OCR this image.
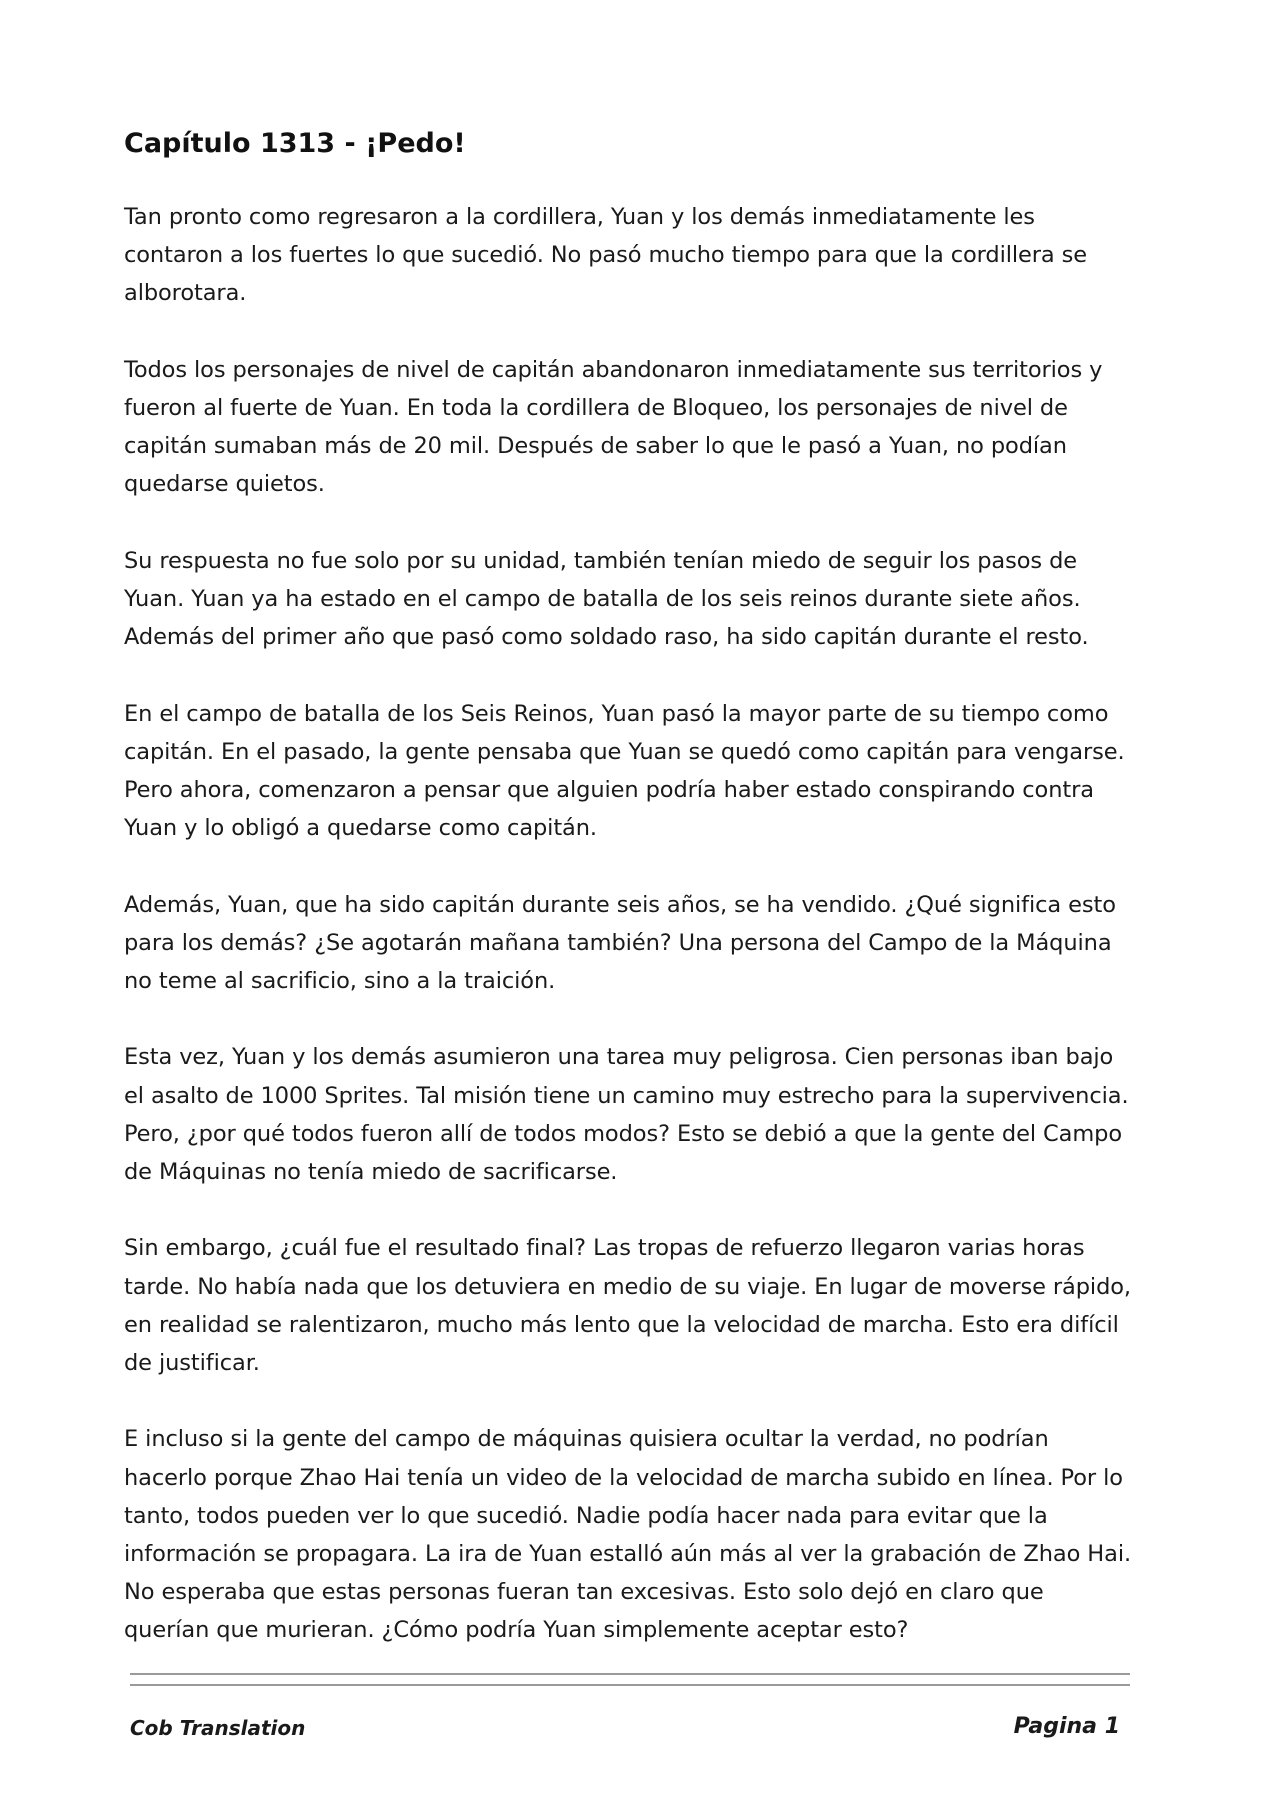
Capítulo 1313 - ¡Pedo!

Tan pronto como regresaron a la cordillera, Yuan y los demás inmediatamente les contaron a los fuertes lo que sucedió. No pasó mucho tiempo para que la cordillera se alborotara.

Todos los personajes de nivel de capitán abandonaron inmediatamente sus territorios y fueron al fuerte de Yuan. En toda la cordillera de Bloqueo, los personajes de nivel de capitán sumaban más de 20 mil. Después de saber lo que le pasó a Yuan, no podían quedarse quietos.

Su respuesta no fue solo por su unidad, también tenían miedo de seguir los pasos de Yuan. Yuan ya ha estado en el campo de batalla de los seis reinos durante siete años. Además del primer año que pasó como soldado raso, ha sido capitán durante el resto.

En el campo de batalla de los Seis Reinos, Yuan pasó la mayor parte de su tiempo como capitán. En el pasado, la gente pensaba que Yuan se quedó como capitán para vengarse. Pero ahora, comenzaron a pensar que alguien podría haber estado conspirando contra Yuan y lo obligó a quedarse como capitán.

Además, Yuan, que ha sido capitán durante seis años, se ha vendido. ¿Qué significa esto para los demás? ¿Se agotarán mañana también? Una persona del Campo de la Máquina no teme al sacrificio, sino a la traición.

Esta vez, Yuan y los demás asumieron una tarea muy peligrosa. Cien personas iban bajo el asalto de 1000 Sprites. Tal misión tiene un camino muy estrecho para la supervivencia. Pero, ¿por qué todos fueron allí de todos modos? Esto se debió a que la gente del Campo de Máquinas no tenía miedo de sacrificarse.

Sin embargo, ¿cuál fue el resultado final? Las tropas de refuerzo llegaron varias horas tarde. No había nada que los detuviera en medio de su viaje. En lugar de moverse rápido, en realidad se ralentizaron, mucho más lento que la velocidad de marcha. Esto era difícil de justificar.

E incluso si la gente del campo de máquinas quisiera ocultar la verdad, no podrían hacerlo porque Zhao Hai tenía un video de la velocidad de marcha subido en línea. Por lo tanto, todos pueden ver lo que sucedió. Nadie podía hacer nada para evitar que la información se propagara. La ira de Yuan estalló aún más al ver la grabación de Zhao Hai. No esperaba que estas personas fueran tan excesivas. Esto solo dejó en claro que querían que murieran. ¿Cómo podría Yuan simplemente aceptar esto?

Cob Translation	Pagina 1
